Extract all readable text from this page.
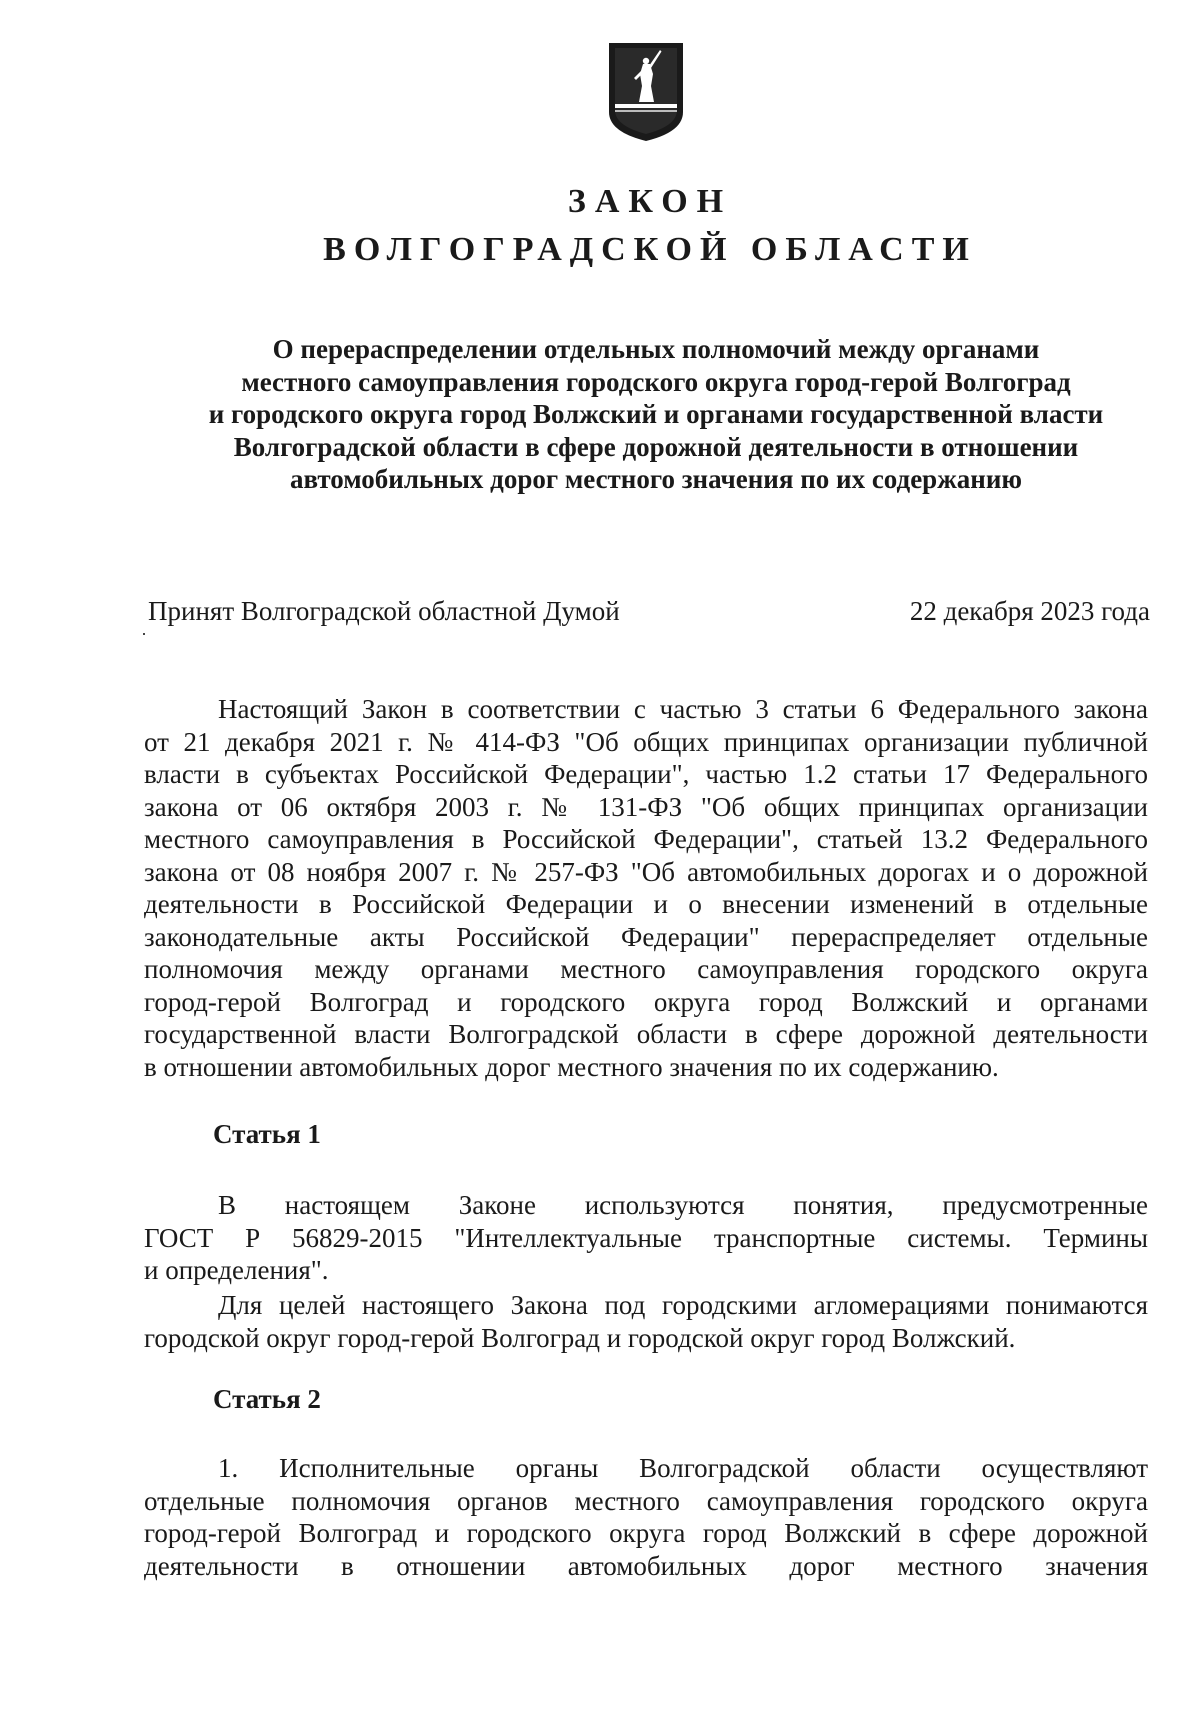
ЗАКОН
ВОЛГОГРАДСКОЙ ОБЛАСТИ
О перераспределении отдельных полномочий между органами
местного самоуправления городского округа город-герой Волгоград
и городского округа город Волжский и органами государственной власти
Волгоградской области в сфере дорожной деятельности в отношении
автомобильных дорог местного значения по их содержанию
Принят Волгоградской областной Думой	22 декабря 2023 года
Настоящий Закон в соответствии с частью 3 статьи 6 Федерального закона
от 21 декабря 2021 г. № 414-ФЗ "Об общих принципах организации публичной
власти в субъектах Российской Федерации", частью 1.2 статьи 17 Федерального
закона от 06 октября 2003 г. № 131-ФЗ "Об общих принципах организации
местного самоуправления в Российской Федерации", статьей 13.2 Федерального
закона от 08 ноября 2007 г. № 257-ФЗ "Об автомобильных дорогах и о дорожной
деятельности в Российской Федерации и о внесении изменений в отдельные
законодательные акты Российской Федерации" перераспределяет отдельные
полномочия между органами местного самоуправления городского округа
город-герой Волгоград и городского округа город Волжский и органами
государственной власти Волгоградской области в сфере дорожной деятельности
в отношении автомобильных дорог местного значения по их содержанию.
Статья 1
В настоящем Законе используются понятия, предусмотренные
ГОСТ Р 56829-2015 "Интеллектуальные транспортные системы. Термины
и определения".
Для целей настоящего Закона под городскими агломерациями понимаются
городской округ город-герой Волгоград и городской округ город Волжский.
Статья 2
1. Исполнительные органы Волгоградской области осуществляют
отдельные полномочия органов местного самоуправления городского округа
город-герой Волгоград и городского округа город Волжский в сфере дорожной
деятельности в отношении автомобильных дорог местного значения
